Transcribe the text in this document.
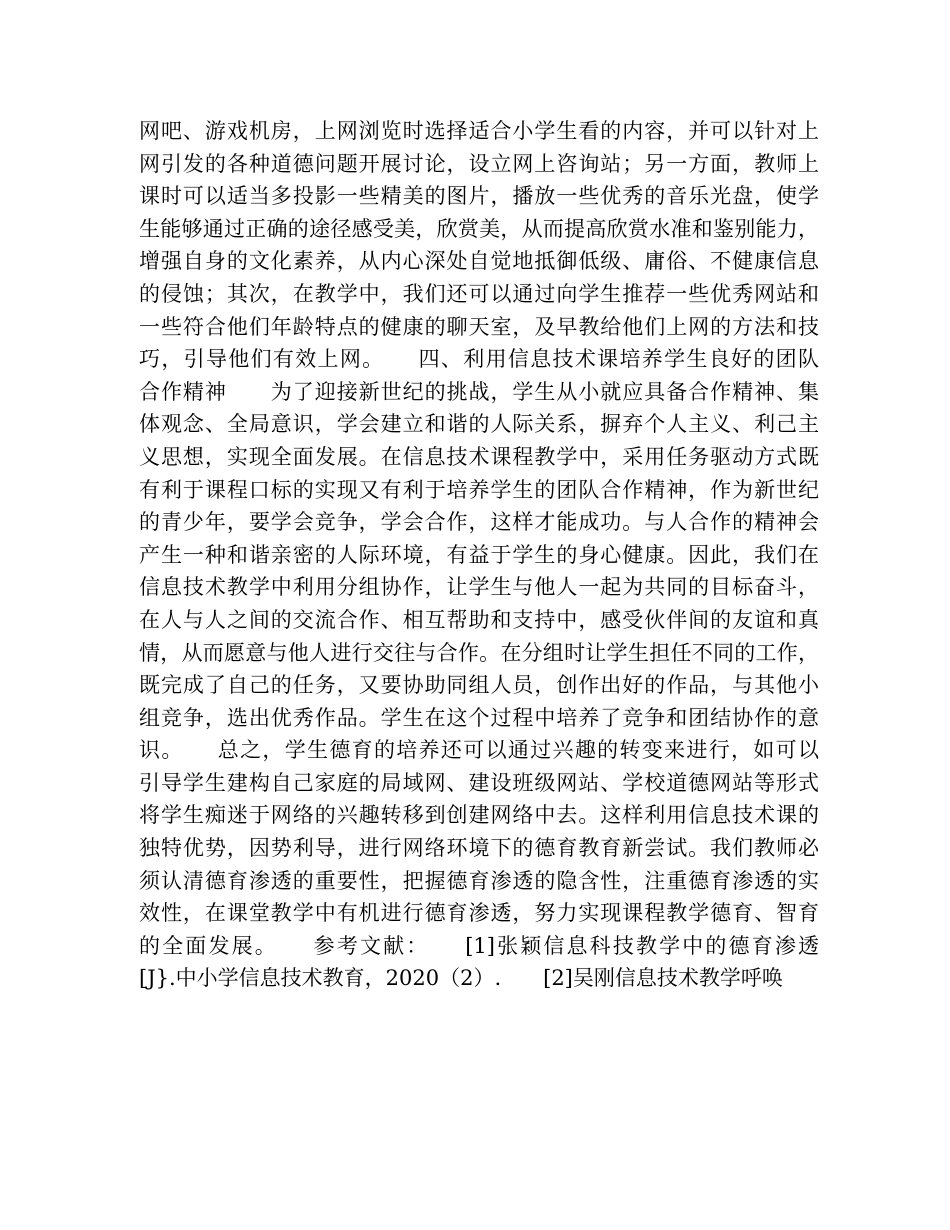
网吧、游戏机房，上网浏览时选择适合小学生看的内容，并可以针对上
网引发的各种道德问题开展讨论，设立网上咨询站；另一方面，教师上
课时可以适当多投影一些精美的图片，播放一些优秀的音乐光盘，使学
生能够通过正确的途径感受美，欣赏美，从而提高欣赏水准和鉴别能力，
增强自身的文化素养，从内心深处自觉地抵御低级、庸俗、不健康信息
的侵蚀；其次，在教学中，我们还可以通过向学生推荐一些优秀网站和
一些符合他们年龄特点的健康的聊天室，及早教给他们上网的方法和技
巧，引导他们有效上网。　　四、利用信息技术课培养学生良好的团队
合作精神　　为了迎接新世纪的挑战，学生从小就应具备合作精神、集
体观念、全局意识，学会建立和谐的人际关系，摒弃个人主义、利己主
义思想，实现全面发展。在信息技术课程教学中，采用任务驱动方式既
有利于课程口标的实现又有利于培养学生的团队合作精神，作为新世纪
的青少年，要学会竞争，学会合作，这样才能成功。与人合作的精神会
产生一种和谐亲密的人际环境，有益于学生的身心健康。因此，我们在
信息技术教学中利用分组协作，让学生与他人一起为共同的目标奋斗，
在人与人之间的交流合作、相互帮助和支持中，感受伙伴间的友谊和真
情，从而愿意与他人进行交往与合作。在分组时让学生担任不同的工作，
既完成了自己的任务，又要协助同组人员，创作出好的作品，与其他小
组竞争，选出优秀作品。学生在这个过程中培养了竞争和团结协作的意
识。　　总之，学生德育的培养还可以通过兴趣的转变来进行，如可以
引导学生建构自己家庭的局域网、建设班级网站、学校道德网站等形式
将学生痴迷于网络的兴趣转移到创建网络中去。这样利用信息技术课的
独特优势，因势利导，进行网络环境下的德育教育新尝试。我们教师必
须认清德育渗透的重要性，把握德育渗透的隐含性，注重德育渗透的实
效性，在课堂教学中有机进行德育渗透，努力实现课程教学德育、智育
的全面发展。　　参考文献：　　[1]张颖信息科技教学中的德育渗透
[J}.中小学信息技术教育，2020（2）.　　[2]吴刚信息技术教学呼唤
